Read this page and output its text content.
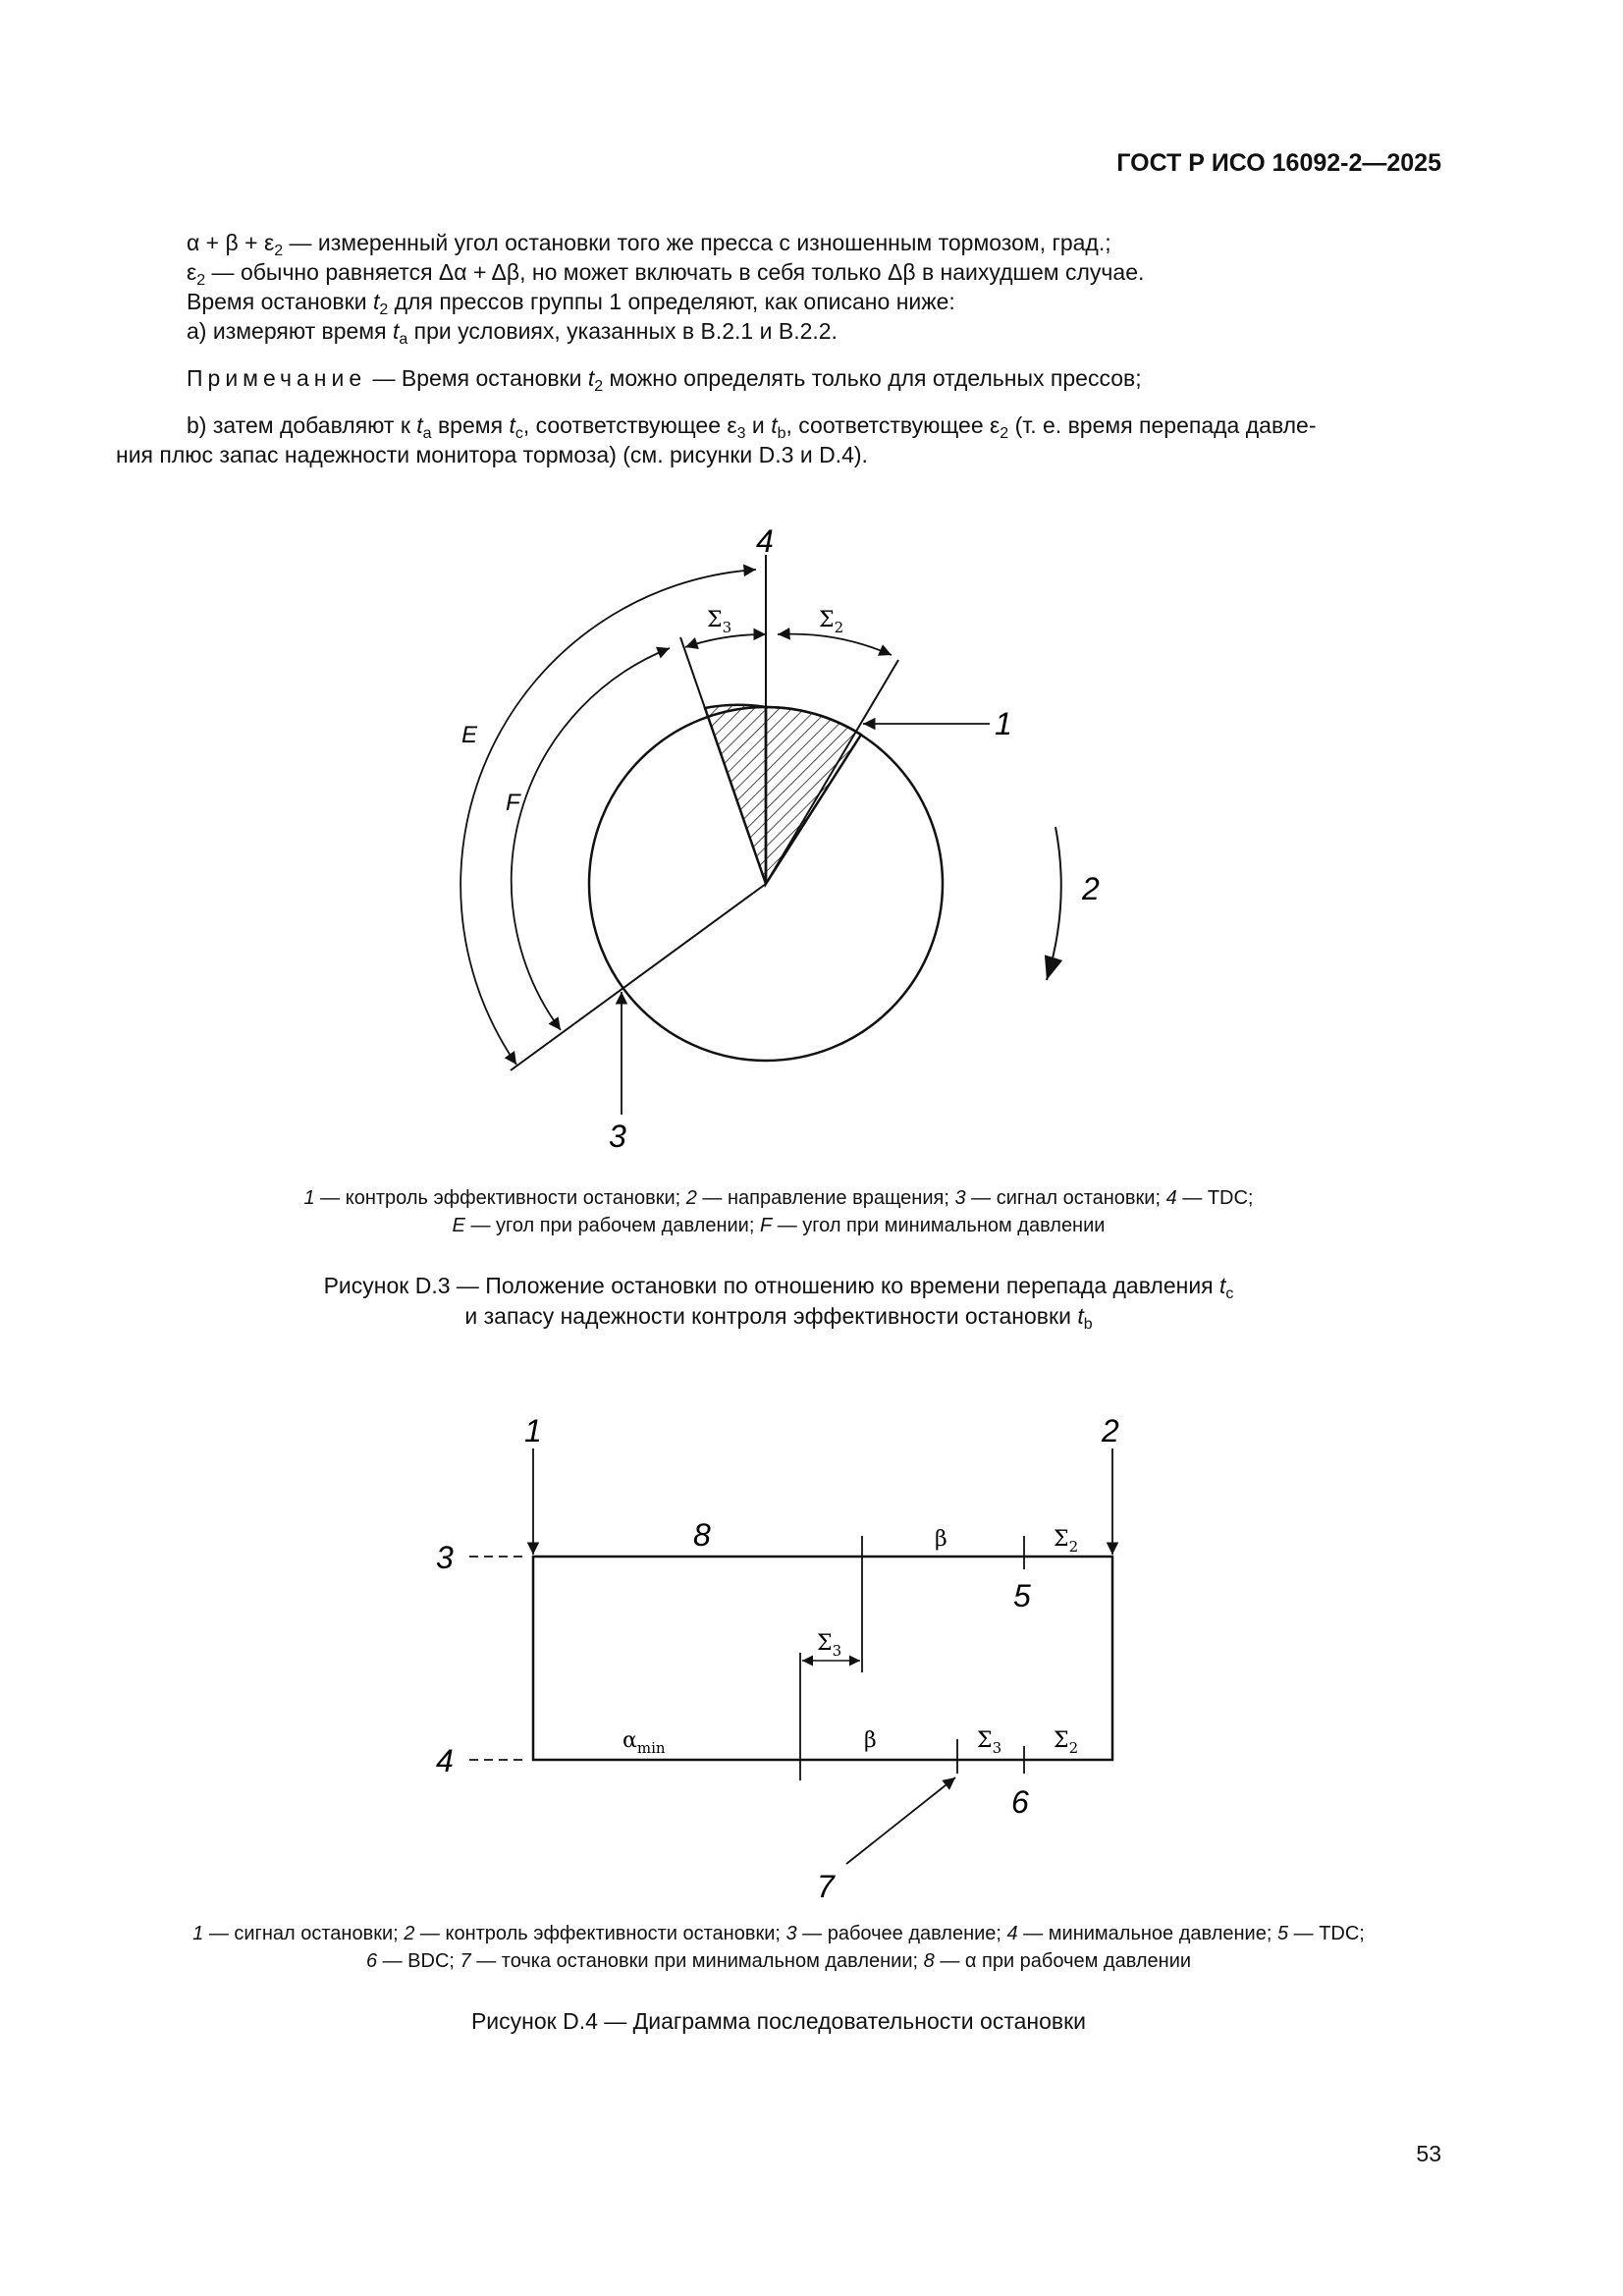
ГОСТ Р ИСО 16092-2—2025
$\alpha + \beta + \varepsilon_2$ — измеренный угол остановки того же пресса с изношенным тормозом, град.;
$\varepsilon_2$ — обычно равняется Δα + Δβ, но может включать в себя только Δβ в наихудшем случае.
Время остановки $t_2$ для прессов группы 1 определяют, как описано ниже:
а) измеряют время $t_a$ при условиях, указанных в B.2.1 и B.2.2.
Примечание — Время остановки $t_2$ можно определять только для отдельных прессов;
b) затем добавляют к $t_a$ время $t_c$, соответствующее $\varepsilon_3$ и $t_b$, соответствующее $\varepsilon_2$ (т. е. время перепада давле-
ния плюс запас надежности монитора тормоза) (см. рисунки D.3 и D.4).
4
1
2
3
E
F
$\Sigma_3$	$\Sigma_2$
1 — контроль эффективности остановки; 2 — направление вращения; 3 — сигнал остановки; 4 — TDC;
E — угол при рабочем давлении; F — угол при минимальном давлении
Рисунок D.3 — Положение остановки по отношению ко времени перепада давления $t_c$
и запасу надежности контроля эффективности остановки $t_b$
1	2
3
4
5
6
7
8	β	$\Sigma_2$
$\Sigma_3$
$\alpha_{min}$	β	$\Sigma_3$ $\Sigma_2$
1 — сигнал остановки; 2 — контроль эффективности остановки; 3 — рабочее давление; 4 — минимальное давление; 5 — TDC;
6 — BDC; 7 — точка остановки при минимальном давлении; 8 — α при рабочем давлении
Рисунок D.4 — Диаграмма последовательности остановки
53
